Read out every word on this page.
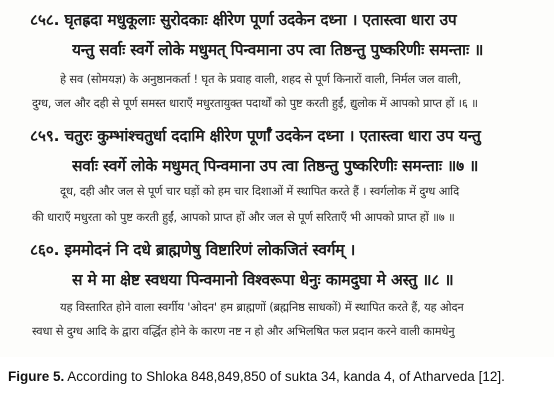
८५८. घृतह्रदा मधुकूलाः सुरोदकाः क्षीरेण पूर्णा उदकेन दध्ना । एतास्त्वा धारा उप
यन्तु सर्वाः स्वर्गे लोके मधुमत् पिन्वमाना उप त्वा तिष्ठन्तु पुष्करिणीः समन्ताः ॥
हे सव (सोमयज्ञ) के अनुष्ठानकर्ता ! घृत के प्रवाह वाली, शहद से पूर्ण किनारों वाली, निर्मल जल वाली,
दुग्ध, जल और दही से पूर्ण समस्त धाराएँ मधुरतायुक्त पदार्थों को पुष्ट करती हुईं, द्युलोक में आपको प्राप्त हों ।६ ॥
८५९. चतुरः कुम्भांश्चतुर्धा ददामि क्षीरेण पूर्णाँ उदकेन दध्ना । एतास्त्वा धारा उप यन्तु
सर्वाः स्वर्गे लोके मधुमत् पिन्वमाना उप त्वा तिष्ठन्तु पुष्करिणीः समन्ताः ॥७ ॥
दूध, दही और जल से पूर्ण चार घड़ों को हम चार दिशाओं में स्थापित करते हैं । स्वर्गलोक में दुग्ध आदि
की धाराएँ मधुरता को पुष्ट करती हुईं, आपको प्राप्त हों और जल से पूर्ण सरिताएँ भी आपको प्राप्त हों ॥७ ॥
८६०. इममोदनं नि दधे ब्राह्मणेषु विष्टारिणं लोकजितं स्वर्गम् ।
स मे मा क्षेष्ट स्वधया पिन्वमानो विश्वरूपा धेनुः कामदुघा मे अस्तु ॥८ ॥
यह विस्तारित होने वाला स्वर्गीय 'ओदन' हम ब्राह्मणों (ब्रह्मनिष्ठ साधकों) में स्थापित करते हैं, यह ओदन
स्वधा से दुग्ध आदि के द्वारा वर्द्धित होने के कारण नष्ट न हो और अभिलषित फल प्रदान करने वाली कामधेनु
Figure 5. According to Shloka 848,849,850 of sukta 34, kanda 4, of Atharveda [12].
